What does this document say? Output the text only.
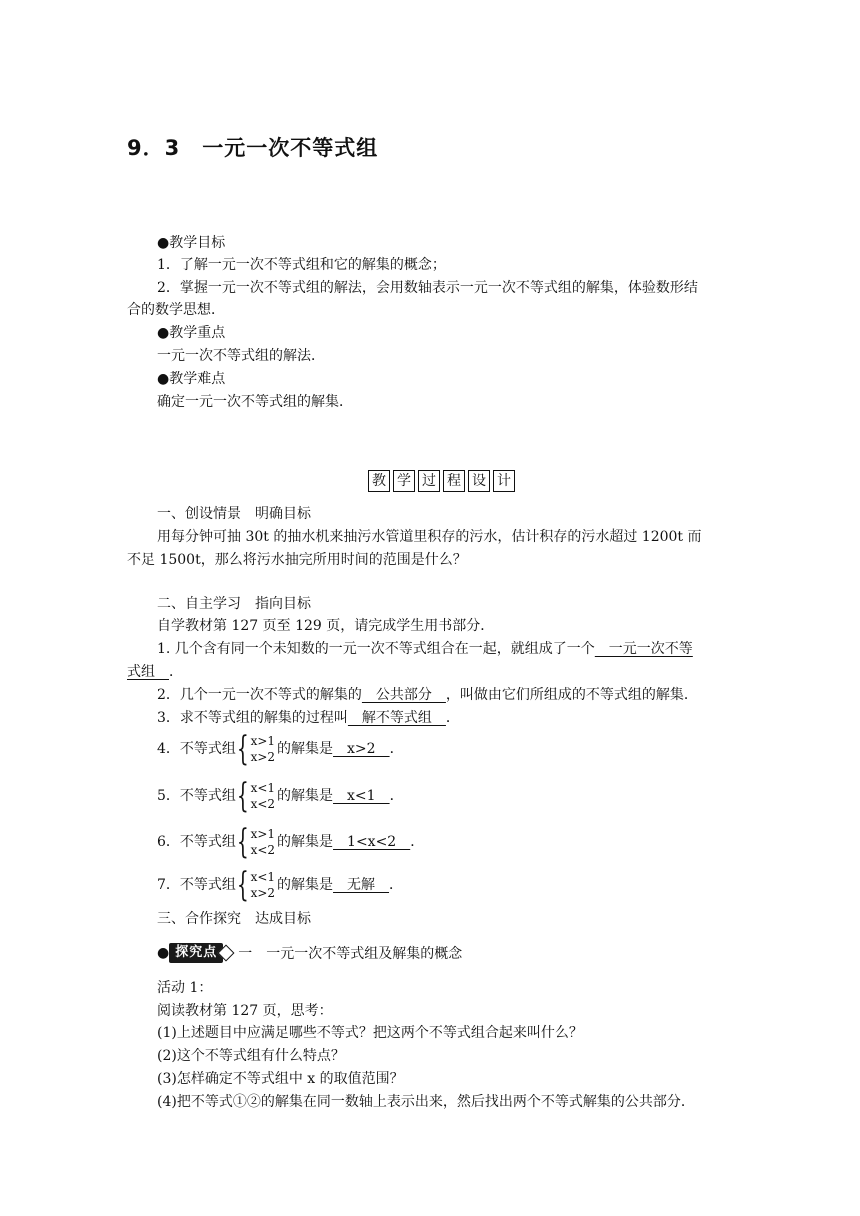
9．3 一元一次不等式组
●教学目标
1．了解一元一次不等式组和它的解集的概念；
2．掌握一元一次不等式组的解法，会用数轴表示一元一次不等式组的解集，体验数形结
合的数学思想．
●教学重点
一元一次不等式组的解法．
●教学难点
确定一元一次不等式组的解集．
教 学 过 程 设 计
一、创设情景　明确目标
用每分钟可抽 30t 的抽水机来抽污水管道里积存的污水，估计积存的污水超过 1200t 而
不足 1500t，那么将污水抽完所用时间的范围是什么？
二、自主学习　指向目标
自学教材第 127 页至 129 页，请完成学生用书部分．
1. 几个含有同一个未知数的一元一次不等式组合在一起，就组成了一个　一元一次不等
式组　．
2．几个一元一次不等式的解集的　公共部分　，叫做由它们所组成的不等式组的解集．
3．求不等式组的解集的过程叫　解不等式组　．
4．不等式组 { x>1
x>2 的解集是　x>2　．
5．不等式组 { x<1
x<2 的解集是　x<1　．
6．不等式组 { x>1
x<2 的解集是　1<x<2　．
7．不等式组 { x<1
x>2 的解集是　无解　．
三、合作探究　达成目标
● 探究点	一　一元一次不等式组及解集的概念
活动 1：
阅读教材第 127 页，思考：
(1)上述题目中应满足哪些不等式？把这两个不等式组合起来叫什么？
(2)这个不等式组有什么特点？
(3)怎样确定不等式组中 x 的取值范围？
(4)把不等式①②的解集在同一数轴上表示出来，然后找出两个不等式解集的公共部分．
